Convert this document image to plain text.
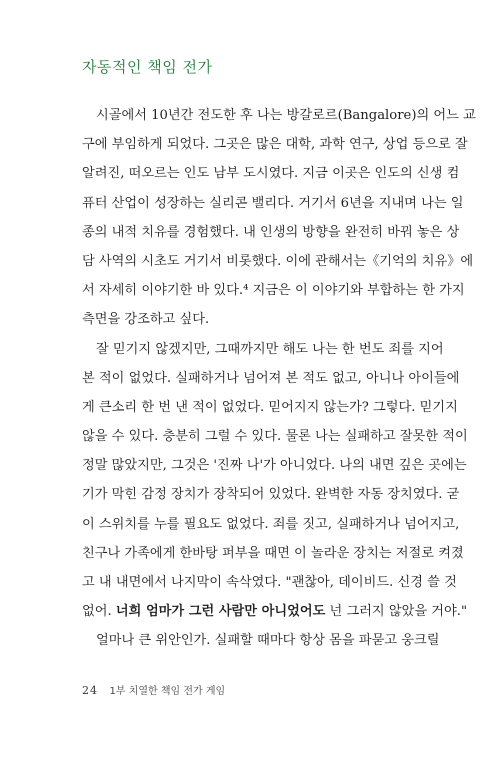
자동적인 책임 전가
시골에서 10년간 전도한 후 나는 방갈로르(Bangalore)의 어느 교
구에 부임하게 되었다. 그곳은 많은 대학, 과학 연구, 상업 등으로 잘
알려진, 떠오르는 인도 남부 도시였다. 지금 이곳은 인도의 신생 컴
퓨터 산업이 성장하는 실리콘 밸리다. 거기서 6년을 지내며 나는 일
종의 내적 치유를 경험했다. 내 인생의 방향을 완전히 바꿔 놓은 상
담 사역의 시초도 거기서 비롯했다. 이에 관해서는《기억의 치유》에
서 자세히 이야기한 바 있다.⁴ 지금은 이 이야기와 부합하는 한 가지
측면을 강조하고 싶다.
잘 믿기지 않겠지만, 그때까지만 해도 나는 한 번도 죄를 지어
본 적이 없었다. 실패하거나 넘어져 본 적도 없고, 아니나 아이들에
게 큰소리 한 번 낸 적이 없었다. 믿어지지 않는가? 그렇다. 믿기지
않을 수 있다. 충분히 그럴 수 있다. 물론 나는 실패하고 잘못한 적이
정말 많았지만, 그것은 '진짜 나'가 아니었다. 나의 내면 깊은 곳에는
기가 막힌 감정 장치가 장착되어 있었다. 완벽한 자동 장치였다. 굳
이 스위치를 누를 필요도 없었다. 죄를 짓고, 실패하거나 넘어지고,
친구나 가족에게 한바탕 퍼부을 때면 이 놀라운 장치는 저절로 켜졌
고 내 내면에서 나지막이 속삭였다. "괜찮아, 데이비드. 신경 쓸 것
없어. 너희 엄마가 그런 사람만 아니었어도 넌 그러지 않았을 거야."
얼마나 큰 위안인가. 실패할 때마다 항상 몸을 파묻고 웅크릴
24 1부 치열한 책임 전가 게임
